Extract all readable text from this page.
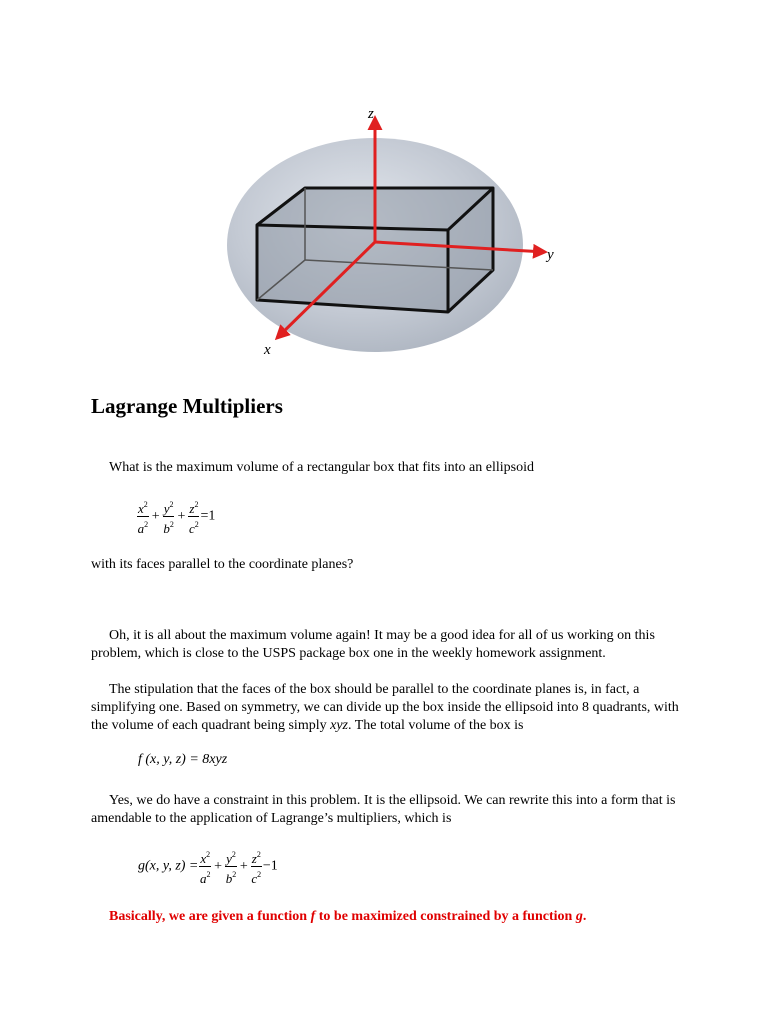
z
y
x
Lagrange Multipliers
What is the maximum volume of a rectangular box that fits into an ellipsoid
$\frac{x^2}{a^2} + \frac{y^2}{b^2} + \frac{z^2}{c^2} =1$
with its faces parallel to the coordinate planes?
Oh, it is all about the maximum volume again! It may be a good idea for all of us working on this problem, which is close to the USPS package box one in the weekly homework assignment.
The stipulation that the faces of the box should be parallel to the coordinate planes is, in fact, a simplifying one. Based on symmetry, we can divide up the box inside the ellipsoid into 8 quadrants, with the volume of each quadrant being simply xyz. The total volume of the box is
f (x, y, z) = 8xyz
Yes, we do have a constraint in this problem. It is the ellipsoid. We can rewrite this into a form that is amendable to the application of Lagrange’s multipliers, which is
g(x, y, $z) = \frac{x^2}{a^2} + \frac{y^2}{b^2} + \frac{z^2}{c^2} -1$
Basically, we are given a function f to be maximized constrained by a function g.
